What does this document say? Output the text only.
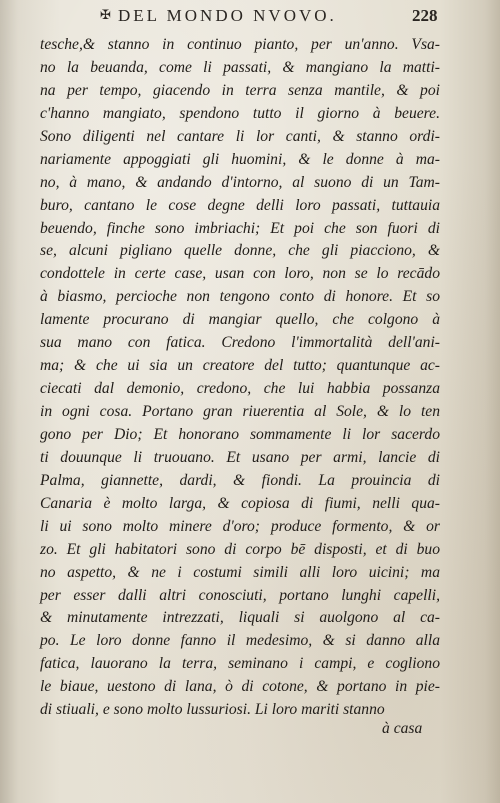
✠ DEL MONDO NVOVO.	228
tesche,& stanno in continuo pianto, per un'anno. Vsa-
no la beuanda, come li passati, & mangiano la matti-
na per tempo, giacendo in terra senza mantile, & poi
c'hanno mangiato, spendono tutto il giorno à beuere.
Sono diligenti nel cantare li lor canti, & stanno ordi-
nariamente appoggiati gli huomini, & le donne à ma-
no, à mano, & andando d'intorno, al suono di un Tam-
buro, cantano le cose degne delli loro passati, tuttauia
beuendo, finche sono imbriachi; Et poi che son fuori di
se, alcuni pigliano quelle donne, che gli piacciono, &
condottele in certe case, usan con loro, non se lo recādo
à biasmo, percioche non tengono conto di honore. Et so
lamente procurano di mangiar quello, che colgono à
sua mano con fatica. Credono l'immortalità dell'ani-
ma; & che ui sia un creatore del tutto; quantunque ac-
ciecati dal demonio, credono, che lui habbia possanza
in ogni cosa. Portano gran riuerentia al Sole, & lo ten
gono per Dio; Et honorano sommamente li lor sacerdo
ti douunque li truouano. Et usano per armi, lancie di
Palma, giannette, dardi, & fiondi. La prouincia di
Canaria è molto larga, & copiosa di fiumi, nelli qua-
li ui sono molto minere d'oro; produce formento, & or
zo. Et gli habitatori sono di corpo bē disposti, et di buo
no aspetto, & ne i costumi simili alli loro uicini; ma
per esser dalli altri conosciuti, portano lunghi capelli,
& minutamente intrezzati, liquali si auolgono al ca-
po. Le loro donne fanno il medesimo, & si danno alla
fatica, lauorano la terra, seminano i campi, e cogliono
le biaue, uestono di lana, ò di cotone, & portano in pie-
di stiuali, e sono molto lussuriosi. Li loro mariti stanno
à casa
